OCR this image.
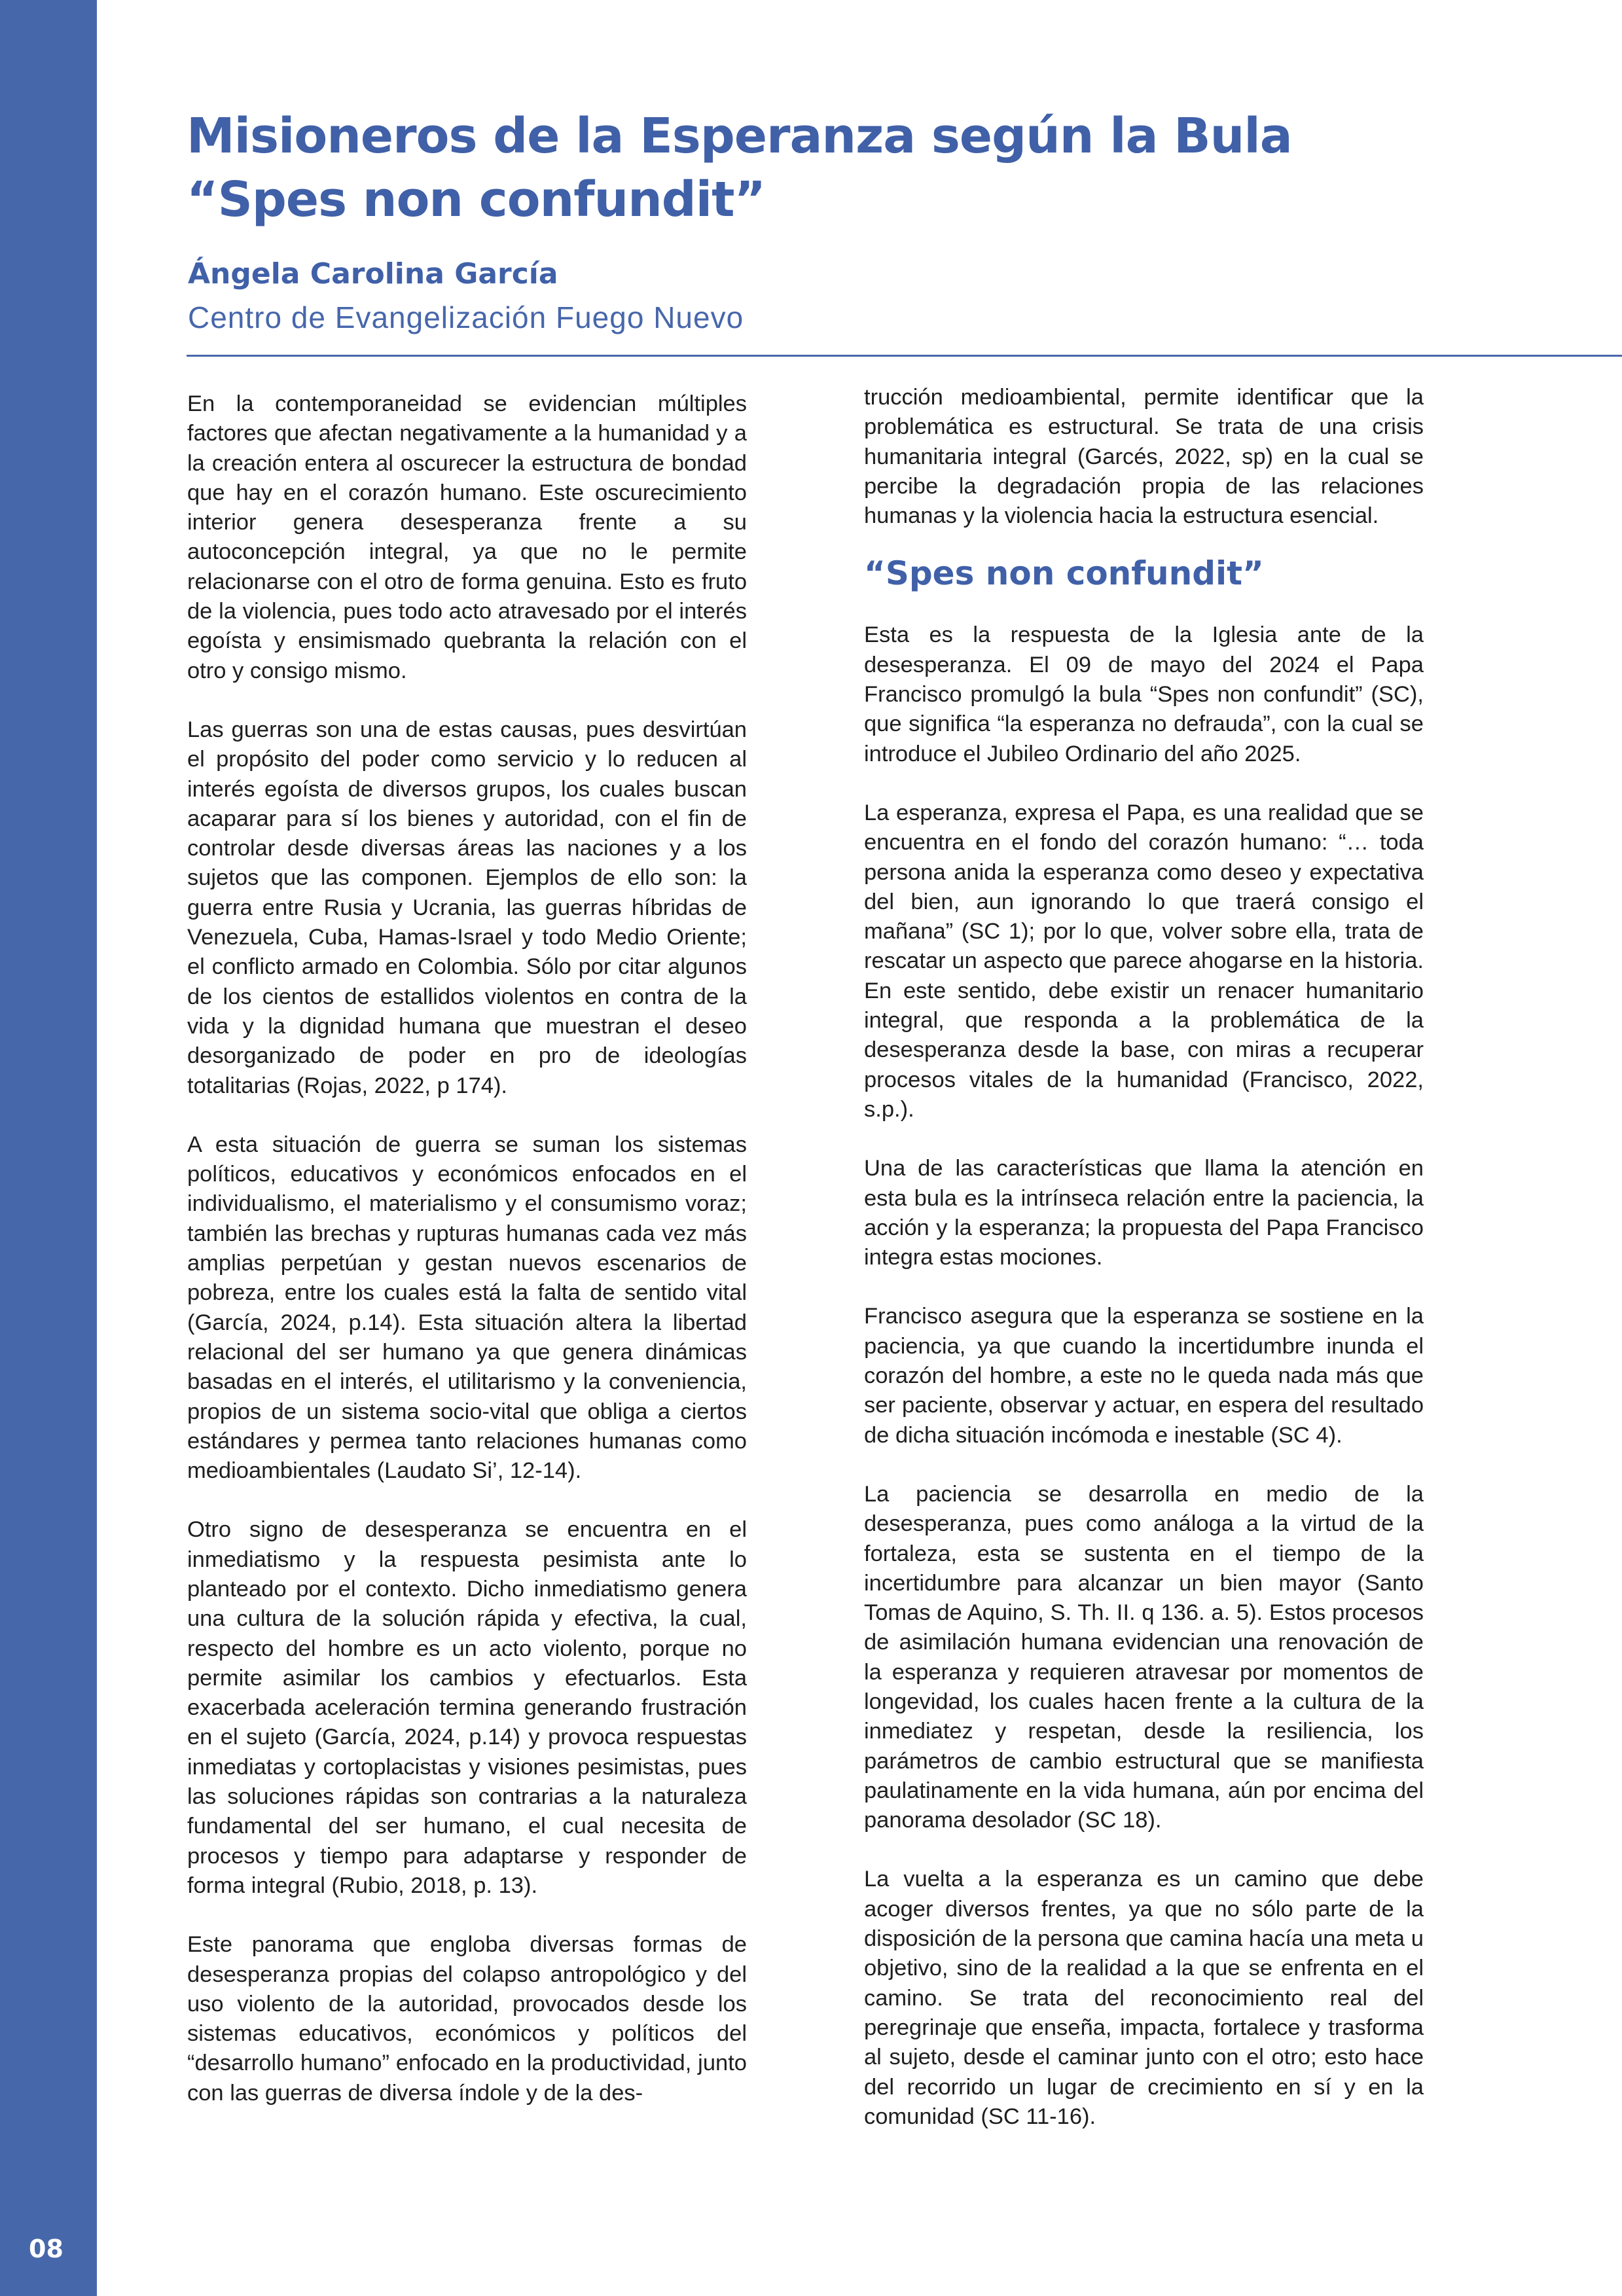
08
Misioneros de la Esperanza según la Bula
“Spes non confundit”
Ángela Carolina García
Centro de Evangelización Fuego Nuevo

En la contemporaneidad se evidencian múltiples factores que afectan negativamente a la humanidad y a la creación entera al oscurecer la estructura de bondad que hay en el corazón humano. Este oscurecimiento interior genera desesperanza frente a su autoconcepción integral, ya que no le permite relacionarse con el otro de forma genuina. Esto es fruto de la violencia, pues todo acto atravesado por el interés egoísta y ensimismado quebranta la relación con el otro y consigo mismo.

Las guerras son una de estas causas, pues desvirtúan el propósito del poder como servicio y lo reducen al interés egoísta de diversos grupos, los cuales buscan acaparar para sí los bienes y autoridad, con el fin de controlar desde diversas áreas las naciones y a los sujetos que las componen. Ejemplos de ello son: la guerra entre Rusia y Ucrania, las guerras híbridas de Venezuela, Cuba, Hamas-Israel y todo Medio Oriente; el conflicto armado en Colombia. Sólo por citar algunos de los cientos de estallidos violentos en contra de la vida y la dignidad humana que muestran el deseo desorganizado de poder en pro de ideologías totalitarias (Rojas, 2022, p 174).

A esta situación de guerra se suman los sistemas políticos, educativos y económicos enfocados en el individualismo, el materialismo y el consumismo voraz; también las brechas y rupturas humanas cada vez más amplias perpetúan y gestan nuevos escenarios de pobreza, entre los cuales está la falta de sentido vital (García, 2024, p.14). Esta situación altera la libertad relacional del ser humano ya que genera dinámicas basadas en el interés, el utilitarismo y la conveniencia, propios de un sistema socio-vital que obliga a ciertos estándares y permea tanto relaciones humanas como medioambientales (Laudato Si’, 12-14).

Otro signo de desesperanza se encuentra en el inmediatismo y la respuesta pesimista ante lo planteado por el contexto. Dicho inmediatismo genera una cultura de la solución rápida y efectiva, la cual, respecto del hombre es un acto violento, porque no permite asimilar los cambios y efectuarlos. Esta exacerbada aceleración termina generando frustración en el sujeto (García, 2024, p.14) y provoca respuestas inmediatas y cortoplacistas y visiones pesimistas, pues las soluciones rápidas son contrarias a la naturaleza fundamental del ser humano, el cual necesita de procesos y tiempo para adaptarse y responder de forma integral (Rubio, 2018, p. 13).

Este panorama que engloba diversas formas de desesperanza propias del colapso antropológico y del uso violento de la autoridad, provocados desde los sistemas educativos, económicos y políticos del “desarrollo humano” enfocado en la productividad, junto con las guerras de diversa índole y de la des-

trucción medioambiental, permite identificar que la problemática es estructural. Se trata de una crisis humanitaria integral (Garcés, 2022, sp) en la cual se percibe la degradación propia de las relaciones humanas y la violencia hacia la estructura esencial.

“Spes non confundit”

Esta es la respuesta de la Iglesia ante de la desesperanza. El 09 de mayo del 2024 el Papa Francisco promulgó la bula “Spes non confundit” (SC), que significa “la esperanza no defrauda”, con la cual se introduce el Jubileo Ordinario del año 2025.

La esperanza, expresa el Papa, es una realidad que se encuentra en el fondo del corazón humano: “… toda persona anida la esperanza como deseo y expectativa del bien, aun ignorando lo que traerá consigo el mañana” (SC 1); por lo que, volver sobre ella, trata de rescatar un aspecto que parece ahogarse en la historia. En este sentido, debe existir un renacer humanitario integral, que responda a la problemática de la desesperanza desde la base, con miras a recuperar procesos vitales de la humanidad (Francisco, 2022, s.p.).

Una de las características que llama la atención en esta bula es la intrínseca relación entre la paciencia, la acción y la esperanza; la propuesta del Papa Francisco integra estas mociones.

Francisco asegura que la esperanza se sostiene en la paciencia, ya que cuando la incertidumbre inunda el corazón del hombre, a este no le queda nada más que ser paciente, observar y actuar, en espera del resultado de dicha situación incómoda e inestable (SC 4).

La paciencia se desarrolla en medio de la desesperanza, pues como análoga a la virtud de la fortaleza, esta se sustenta en el tiempo de la incertidumbre para alcanzar un bien mayor (Santo Tomas de Aquino, S. Th. II. q 136. a. 5). Estos procesos de asimilación humana evidencian una renovación de la esperanza y requieren atravesar por momentos de longevidad, los cuales hacen frente a la cultura de la inmediatez y respetan, desde la resiliencia, los parámetros de cambio estructural que se manifiesta paulatinamente en la vida humana, aún por encima del panorama desolador (SC 18).

La vuelta a la esperanza es un camino que debe acoger diversos frentes, ya que no sólo parte de la disposición de la persona que camina hacía una meta u objetivo, sino de la realidad a la que se enfrenta en el camino. Se trata del reconocimiento real del peregrinaje que enseña, impacta, fortalece y trasforma al sujeto, desde el caminar junto con el otro; esto hace del recorrido un lugar de crecimiento en sí y en la comunidad (SC 11-16).
